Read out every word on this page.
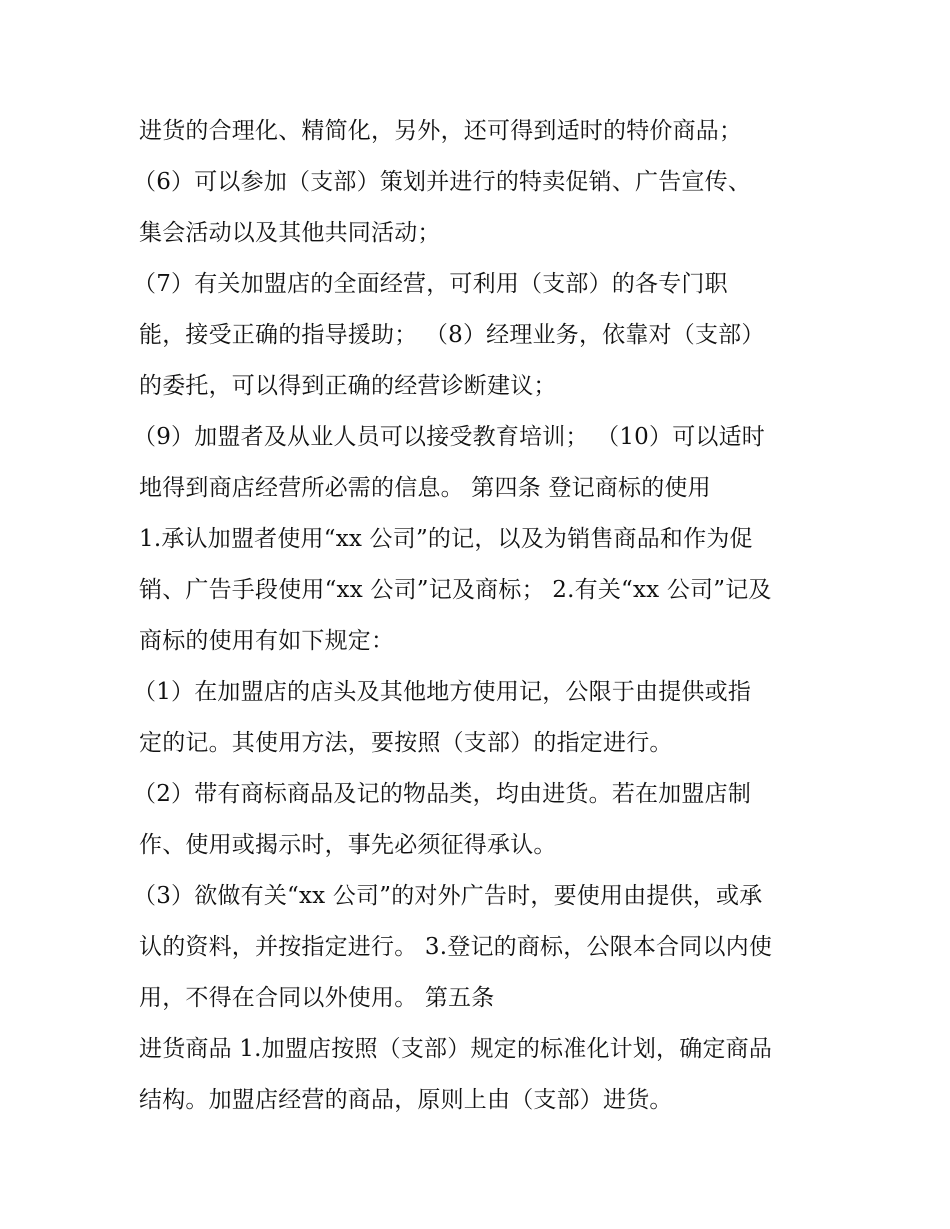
进货的合理化、精简化，另外，还可得到适时的特价商品；
（6）可以参加（支部）策划并进行的特卖促销、广告宣传、
集会活动以及其他共同活动；
（7）有关加盟店的全面经营，可利用（支部）的各专门职
能，接受正确的指导援助； （8）经理业务，依靠对（支部）
的委托，可以得到正确的经营诊断建议；
（9）加盟者及从业人员可以接受教育培训； （10）可以适时
地得到商店经营所必需的信息。 第四条 登记商标的使用
1.承认加盟者使用“xx 公司”的记，以及为销售商品和作为促
销、广告手段使用“xx 公司”记及商标； 2.有关“xx 公司”记及
商标的使用有如下规定：
（1）在加盟店的店头及其他地方使用记，公限于由提供或指
定的记。其使用方法，要按照（支部）的指定进行。
（2）带有商标商品及记的物品类，均由进货。若在加盟店制
作、使用或揭示时，事先必须征得承认。
（3）欲做有关“xx 公司”的对外广告时，要使用由提供，或承
认的资料，并按指定进行。 3.登记的商标，公限本合同以内使
用，不得在合同以外使用。 第五条
进货商品 1.加盟店按照（支部）规定的标准化计划，确定商品
结构。加盟店经营的商品，原则上由（支部）进货。
